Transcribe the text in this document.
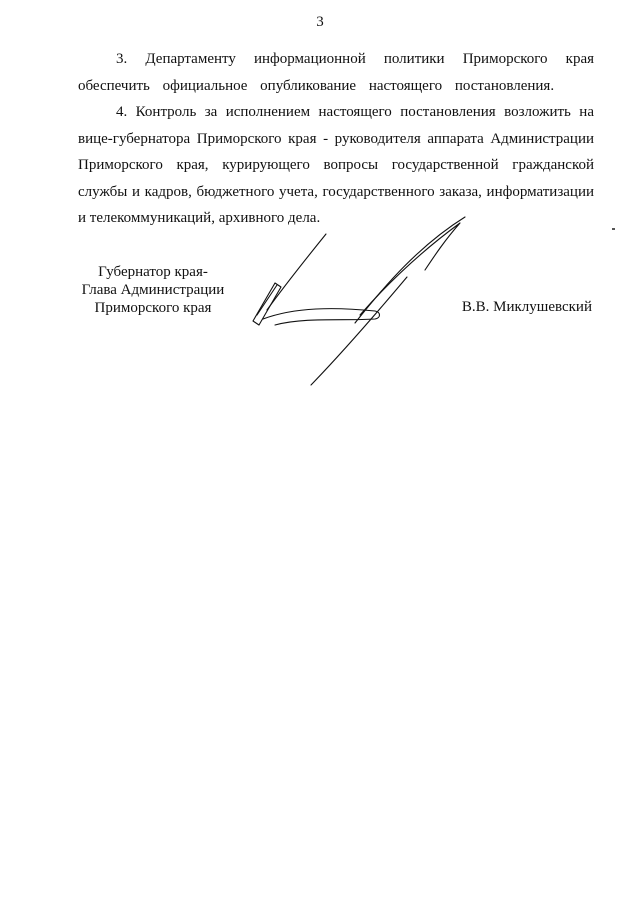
3

3. Департаменту информационной политики Приморского края обеспечить официальное опубликование настоящего постановления.

4. Контроль за исполнением настоящего постановления возложить на вице-губернатора Приморского края - руководителя аппарата Администрации Приморского края, курирующего вопросы государственной гражданской службы и кадров, бюджетного учета, государственного заказа, информатизации и телекоммуникаций, архивного дела.

Губернатор края-
Глава Администрации
Приморского края	В.В. Миклушевский
